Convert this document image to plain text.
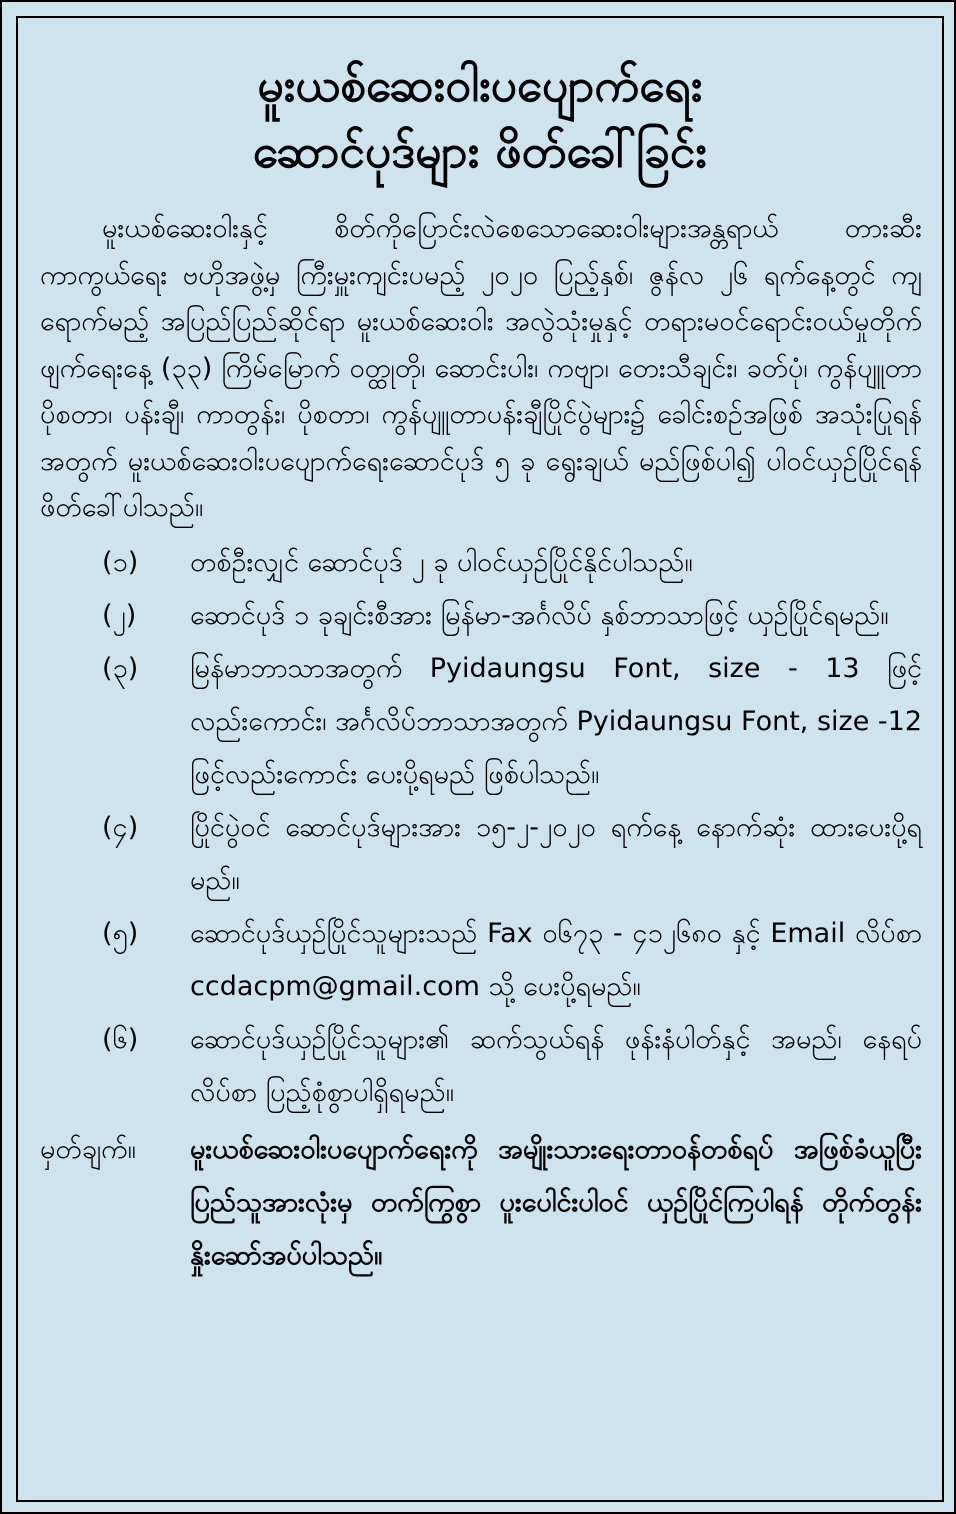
မူးယစ်ဆေးဝါးပပျောက်ရေး
ဆောင်ပုဒ်များ ဖိတ်ခေါ်ခြင်း

မူးယစ်ဆေးဝါးနှင့် စိတ်ကိုပြောင်းလဲစေသောဆေးဝါးများအန္တရာယ် တားဆီးကာကွယ်ရေး ဗဟိုအဖွဲ့မှ ကြီးမှူးကျင်းပမည့် ၂၀၂၀ ပြည့်နှစ်၊ ဇွန်လ ၂၆ ရက်နေ့တွင် ကျရောက်မည့် အပြည်ပြည်ဆိုင်ရာ မူးယစ်ဆေးဝါး အလွဲသုံးမှုနှင့် တရားမဝင်ရောင်းဝယ်မှုတိုက်ဖျက်ရေးနေ့ (၃၃) ကြိမ်မြောက် ဝတ္ထုတို၊ ဆောင်းပါး၊ ကဗျာ၊ တေးသီချင်း၊ ခတ်ပုံ၊ ကွန်ပျူတာပိုစတာ၊ ပန်းချီ၊ ကာတွန်း၊ ပိုစတာ၊ ကွန်ပျူတာပန်းချီပြိုင်ပွဲများ၌ ခေါင်းစဉ်အဖြစ် အသုံးပြုရန်အတွက် မူးယစ်ဆေးဝါးပပျောက်ရေးဆောင်ပုဒ် ၅ ခု ရွေးချယ် မည်ဖြစ်ပါ၍ ပါဝင်ယှဉ်ပြိုင်ရန် ဖိတ်ခေါ်ပါသည်။

(၁)	တစ်ဦးလျှင် ဆောင်ပုဒ် ၂ ခု ပါဝင်ယှဉ်ပြိုင်နိုင်ပါသည်။
(၂)	ဆောင်ပုဒ် ၁ ခုချင်းစီအား မြန်မာ-အင်္ဂလိပ် နှစ်ဘာသာဖြင့် ယှဉ်ပြိုင်ရမည်။
(၃)	မြန်မာဘာသာအတွက် Pyidaungsu Font, size - 13 ဖြင့် လည်းကောင်း၊ အင်္ဂလိပ်ဘာသာအတွက် Pyidaungsu Font, size -12 ဖြင့်လည်းကောင်း ပေးပို့ရမည် ဖြစ်ပါသည်။
(၄)	ပြိုင်ပွဲဝင် ဆောင်ပုဒ်များအား ၁၅-၂-၂၀၂၀ ရက်နေ့ နောက်ဆုံး ထားပေးပို့ရမည်။
(၅)	ဆောင်ပုဒ်ယှဉ်ပြိုင်သူများသည် Fax ၀၆၇၃ - ၄၁၂၆၈၀ နှင့် Email လိပ်စာ ccdacpm@gmail.com သို့ ပေးပို့ရမည်။
(၆)	ဆောင်ပုဒ်ယှဉ်ပြိုင်သူများ၏ ဆက်သွယ်ရန် ဖုန်းနံပါတ်နှင့် အမည်၊ နေရပ်လိပ်စာ ပြည့်စုံစွာပါရှိရမည်။
မှတ်ချက်။	မူးယစ်ဆေးဝါးပပျောက်ရေးကို အမျိုးသားရေးတာဝန်တစ်ရပ် အဖြစ်ခံယူပြီး ပြည်သူအားလုံးမှ တက်ကြွစွာ ပူးပေါင်းပါဝင် ယှဉ်ပြိုင်ကြပါရန် တိုက်တွန်းနှိုးဆော်အပ်ပါသည်။
